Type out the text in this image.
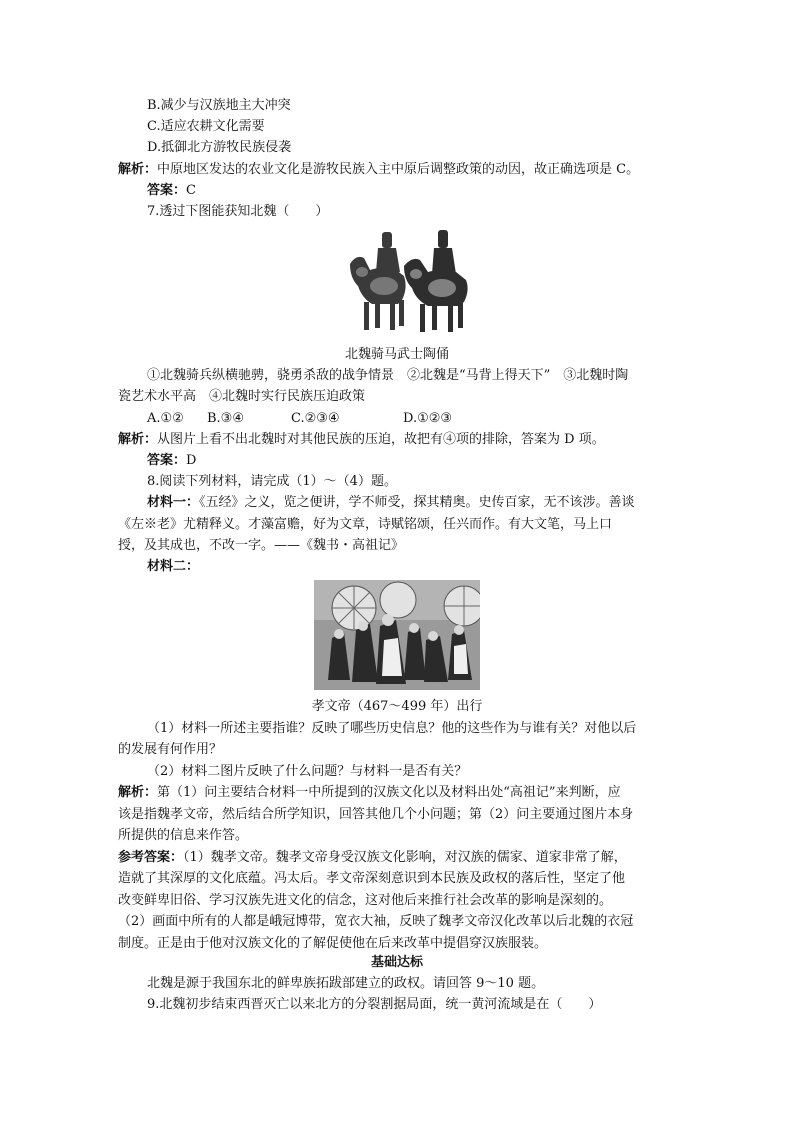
B.减少与汉族地主大冲突
C.适应农耕文化需要
D.抵御北方游牧民族侵袭
解析：中原地区发达的农业文化是游牧民族入主中原后调整政策的动因，故正确选项是 C。
答案：C
7.透过下图能获知北魏（　　）
北魏骑马武士陶俑
①北魏骑兵纵横驰骋，骁勇杀敌的战争情景　②北魏是“马背上得天下”　③北魏时陶
瓷艺术水平高　④北魏时实行民族压迫政策
A.①② B.③④	C.②③④	D.①②③
解析：从图片上看不出北魏时对其他民族的压迫，故把有④项的排除，答案为 D 项。
答案：D
8.阅读下列材料，请完成（1）～（4）题。
材料一：《五经》之义，览之便讲，学不师受，探其精奥。史传百家，无不该涉。善谈
《左※老》尤精释义。才藻富赡，好为文章，诗赋铭颂，任兴而作。有大文笔，马上口
授，及其成也，不改一字。——《魏书・高祖记》
材料二：
孝文帝（467～499 年）出行
（1）材料一所述主要指谁？反映了哪些历史信息？他的这些作为与谁有关？对他以后
的发展有何作用？
（2）材料二图片反映了什么问题？与材料一是否有关？
解析：第（1）问主要结合材料一中所提到的汉族文化以及材料出处“高祖记”来判断，应
该是指魏孝文帝，然后结合所学知识，回答其他几个小问题；第（2）问主要通过图片本身
所提供的信息来作答。
参考答案：（1）魏孝文帝。魏孝文帝身受汉族文化影响，对汉族的儒家、道家非常了解，
造就了其深厚的文化底蕴。冯太后。孝文帝深刻意识到本民族及政权的落后性，坚定了他
改变鲜卑旧俗、学习汉族先进文化的信念，这对他后来推行社会改革的影响是深刻的。
（2）画面中所有的人都是峨冠博带，宽衣大袖，反映了魏孝文帝汉化改革以后北魏的衣冠
制度。正是由于他对汉族文化的了解促使他在后来改革中提倡穿汉族服装。
基础达标
北魏是源于我国东北的鲜卑族拓跋部建立的政权。请回答 9～10 题。
9.北魏初步结束西晋灭亡以来北方的分裂割据局面，统一黄河流域是在（　　）
